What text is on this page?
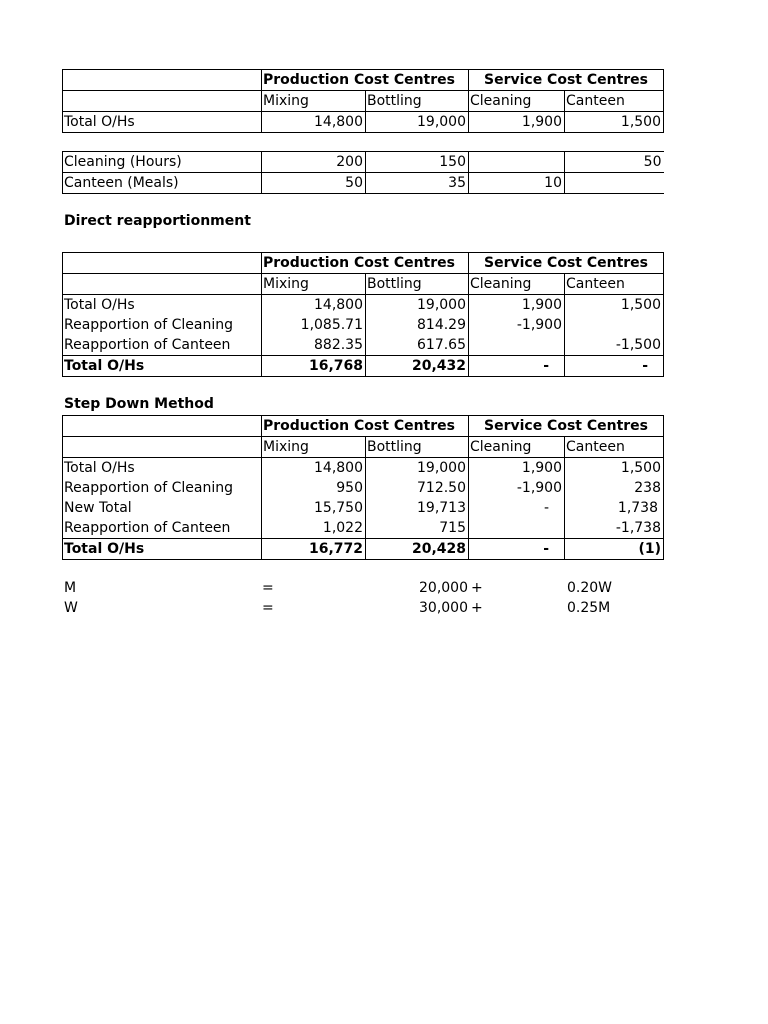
	Production Cost Centres		Service Cost Centres	
	Mixing	Bottling	Cleaning	Canteen
Total O/Hs	14,800	19,000	1,900	1,500
Cleaning (Hours)	200	150		50
Canteen (Meals)	50	35	10	
Direct reapportionment
	Production Cost Centres		Service Cost Centres	
	Mixing	Bottling	Cleaning	Canteen
Total O/Hs	14,800	19,000	1,900	1,500
Reapportion of Cleaning	1,085.71	814.29	-1,900	
Reapportion of Canteen	882.35	617.65		-1,500
Total O/Hs	16,768	20,432	-	-
Step Down Method
	Production Cost Centres		Service Cost Centres	
	Mixing	Bottling	Cleaning	Canteen
Total O/Hs	14,800	19,000	1,900	1,500
Reapportion of Cleaning	950	712.50	-1,900	238
New Total	15,750	19,713	-	1,738
Reapportion of Canteen	1,022	715		-1,738
Total O/Hs	16,772	20,428	-	(1)
M	=	20,000 +	0.20W
W	=	30,000 +	0.25M
